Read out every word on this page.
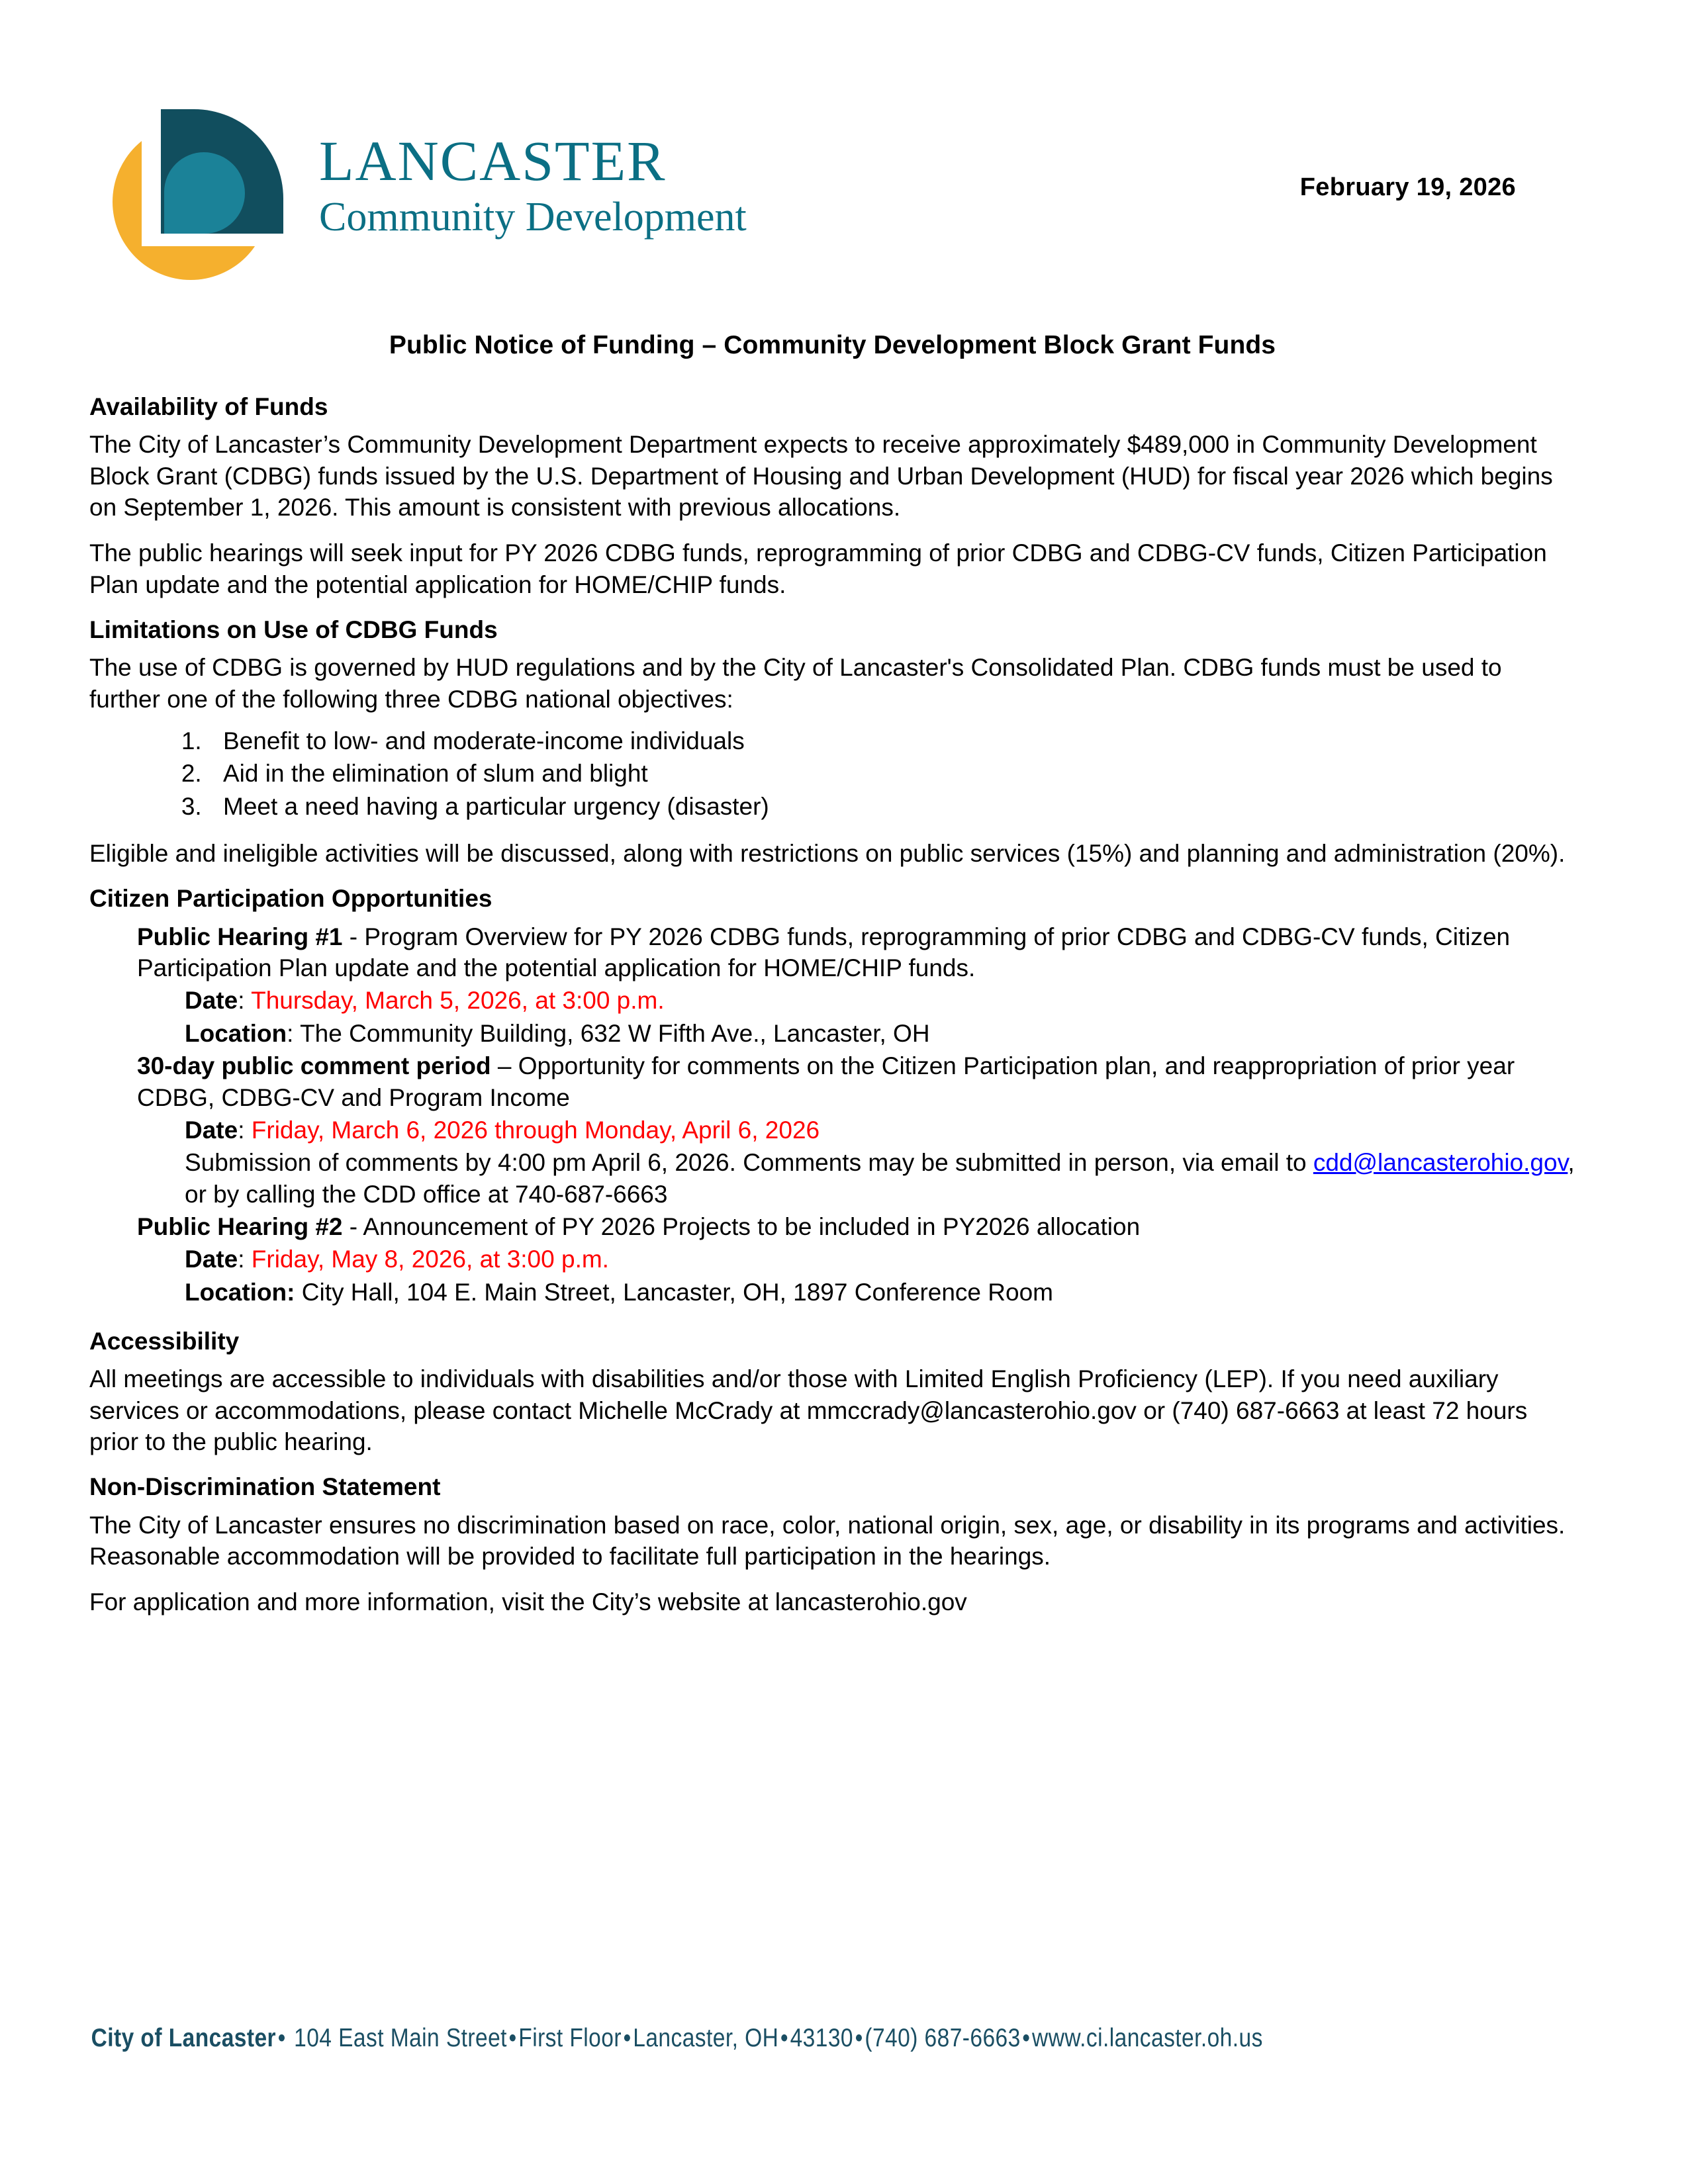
LANCASTER
Community Development
February 19, 2026
Public Notice of Funding – Community Development Block Grant Funds
Availability of Funds

The City of Lancaster’s Community Development Department expects to receive approximately $489,000 in Community Development Block Grant (CDBG) funds issued by the U.S. Department of Housing and Urban Development (HUD) for fiscal year 2026 which begins on September 1, 2026. This amount is consistent with previous allocations.

The public hearings will seek input for PY 2026 CDBG funds, reprogramming of prior CDBG and CDBG-CV funds, Citizen Participation Plan update and the potential application for HOME/CHIP funds.

Limitations on Use of CDBG Funds

The use of CDBG is governed by HUD regulations and by the City of Lancaster's Consolidated Plan. CDBG funds must be used to further one of the following three CDBG national objectives:

1. Benefit to low- and moderate-income individuals
2. Aid in the elimination of slum and blight
3. Meet a need having a particular urgency (disaster)

Eligible and ineligible activities will be discussed, along with restrictions on public services (15%) and planning and administration (20%).

Citizen Participation Opportunities

Public Hearing #1 - Program Overview for PY 2026 CDBG funds, reprogramming of prior CDBG and CDBG-CV funds, Citizen Participation Plan update and the potential application for HOME/CHIP funds.

Date: Thursday, March 5, 2026, at 3:00 p.m.

Location: The Community Building, 632 W Fifth Ave., Lancaster, OH

30-day public comment period – Opportunity for comments on the Citizen Participation plan, and reappropriation of prior year CDBG, CDBG-CV and Program Income

Date: Friday, March 6, 2026 through Monday, April 6, 2026

Submission of comments by 4:00 pm April 6, 2026. Comments may be submitted in person, via email to cdd@lancasterohio.gov, or by calling the CDD office at 740-687-6663

Public Hearing #2 - Announcement of PY 2026 Projects to be included in PY2026 allocation

Date: Friday, May 8, 2026, at 3:00 p.m.

Location: City Hall, 104 E. Main Street, Lancaster, OH, 1897 Conference Room

Accessibility

All meetings are accessible to individuals with disabilities and/or those with Limited English Proficiency (LEP). If you need auxiliary services or accommodations, please contact Michelle McCrady at mmccrady@lancasterohio.gov or (740) 687-6663 at least 72 hours prior to the public hearing.

Non-Discrimination Statement

The City of Lancaster ensures no discrimination based on race, color, national origin, sex, age, or disability in its programs and activities. Reasonable accommodation will be provided to facilitate full participation in the hearings.

For application and more information, visit the City’s website at lancasterohio.gov

City of Lancaster• 104 East Main Street•First Floor•Lancaster, OH•43130•(740) 687-6663•www.ci.lancaster.oh.us
